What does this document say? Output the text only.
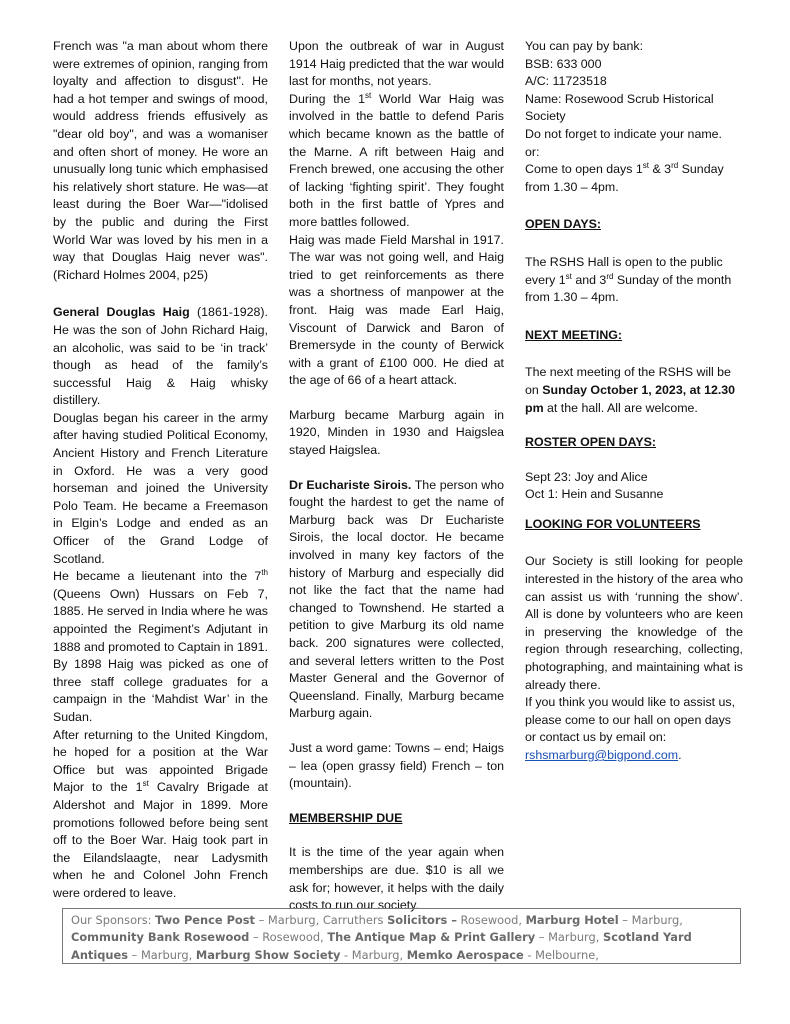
French was "a man about whom there were extremes of opinion, ranging from loyalty and affection to disgust". He had a hot temper and swings of mood, would address friends effusively as "dear old boy", and was a womaniser and often short of money. He wore an unusually long tunic which emphasised his relatively short stature. He was—at least during the Boer War—"idolised by the public and during the First World War was loved by his men in a way that Douglas Haig never was". (Richard Holmes 2004, p25)

General Douglas Haig (1861-1928). He was the son of John Richard Haig, an alcoholic, was said to be ‘in track’ though as head of the family’s successful Haig & Haig whisky distillery.

Douglas began his career in the army after having studied Political Economy, Ancient History and French Literature in Oxford. He was a very good horseman and joined the University Polo Team. He became a Freemason in Elgin’s Lodge and ended as an Officer of the Grand Lodge of Scotland.

He became a lieutenant into the 7th (Queens Own) Hussars on Feb 7, 1885. He served in India where he was appointed the Regiment’s Adjutant in 1888 and promoted to Captain in 1891. By 1898 Haig was picked as one of three staff college graduates for a campaign in the ‘Mahdist War’ in the Sudan.

After returning to the United Kingdom, he hoped for a position at the War Office but was appointed Brigade Major to the 1st Cavalry Brigade at Aldershot and Major in 1899. More promotions followed before being sent off to the Boer War. Haig took part in the Eilandslaagte, near Ladysmith when he and Colonel John French were ordered to leave.

Upon the outbreak of war in August 1914 Haig predicted that the war would last for months, not years.

During the 1st World War Haig was involved in the battle to defend Paris which became known as the battle of the Marne. A rift between Haig and French brewed, one accusing the other of lacking ‘fighting spirit’. They fought both in the first battle of Ypres and more battles followed.

Haig was made Field Marshal in 1917. The war was not going well, and Haig tried to get reinforcements as there was a shortness of manpower at the front. Haig was made Earl Haig, Viscount of Darwick and Baron of Bremersyde in the county of Berwick with a grant of £100 000. He died at the age of 66 of a heart attack.

Marburg became Marburg again in 1920, Minden in 1930 and Haigslea stayed Haigslea.

Dr Euchariste Sirois. The person who fought the hardest to get the name of Marburg back was Dr Euchariste Sirois, the local doctor. He became involved in many key factors of the history of Marburg and especially did not like the fact that the name had changed to Townshend. He started a petition to give Marburg its old name back. 200 signatures were collected, and several letters written to the Post Master General and the Governor of Queensland. Finally, Marburg became Marburg again.

Just a word game: Towns – end; Haigs – lea (open grassy field) French – ton (mountain).

MEMBERSHIP DUE

It is the time of the year again when memberships are due. $10 is all we ask for; however, it helps with the daily costs to run our society.

You can pay by bank:

BSB: 633 000

A/C: 11723518

Name: Rosewood Scrub Historical Society

Do not forget to indicate your name.

or:

Come to open days 1st & 3rd Sunday from 1.30 – 4pm.

OPEN DAYS:

The RSHS Hall is open to the public every 1st and 3rd Sunday of the month from 1.30 – 4pm.

NEXT MEETING:

The next meeting of the RSHS will be on Sunday October 1, 2023, at 12.30 pm at the hall. All are welcome.

ROSTER OPEN DAYS:

Sept 23: Joy and Alice

Oct 1: Hein and Susanne

LOOKING FOR VOLUNTEERS

Our Society is still looking for people interested in the history of the area who can assist us with ‘running the show’. All is done by volunteers who are keen in preserving the knowledge of the region through researching, collecting, photographing, and maintaining what is already there.

If you think you would like to assist us, please come to our hall on open days or contact us by email on:

rshsmarburg@bigpond.com.

Our Sponsors: Two Pence Post – Marburg, Carruthers Solicitors – Rosewood, Marburg Hotel – Marburg, Community Bank Rosewood – Rosewood, The Antique Map & Print Gallery – Marburg, Scotland Yard Antiques – Marburg, Marburg Show Society - Marburg, Memko Aerospace - Melbourne,
